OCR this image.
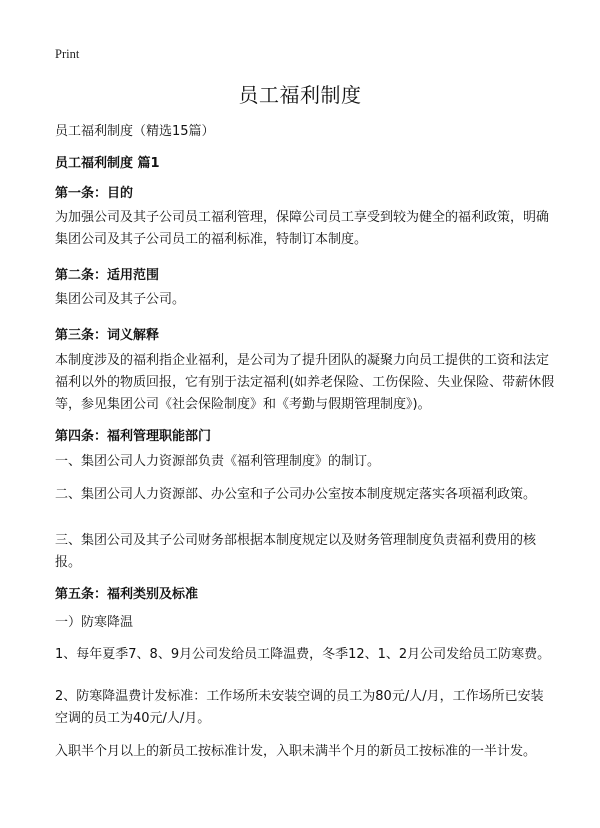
Print
员工福利制度
员工福利制度（精选15篇）
员工福利制度 篇1
第一条：目的
为加强公司及其子公司员工福利管理，保障公司员工享受到较为健全的福利政策，明确集团公司及其子公司员工的福利标准，特制订本制度。
第二条：适用范围
集团公司及其子公司。
第三条：词义解释
本制度涉及的福利指企业福利，是公司为了提升团队的凝聚力向员工提供的工资和法定福利以外的物质回报，它有别于法定福利(如养老保险、工伤保险、失业保险、带薪休假等，参见集团公司《社会保险制度》和《考勤与假期管理制度》)。
第四条：福利管理职能部门
一、集团公司人力资源部负责《福利管理制度》的制订。
二、集团公司人力资源部、办公室和子公司办公室按本制度规定落实各项福利政策。
三、集团公司及其子公司财务部根据本制度规定以及财务管理制度负责福利费用的核报。
第五条：福利类别及标准
一）防寒降温
1、每年夏季7、8、9月公司发给员工降温费，冬季12、1、2月公司发给员工防寒费。
2、防寒降温费计发标准：工作场所未安装空调的员工为80元/人/月，工作场所已安装空调的员工为40元/人/月。
入职半个月以上的新员工按标准计发，入职未满半个月的新员工按标准的一半计发。
